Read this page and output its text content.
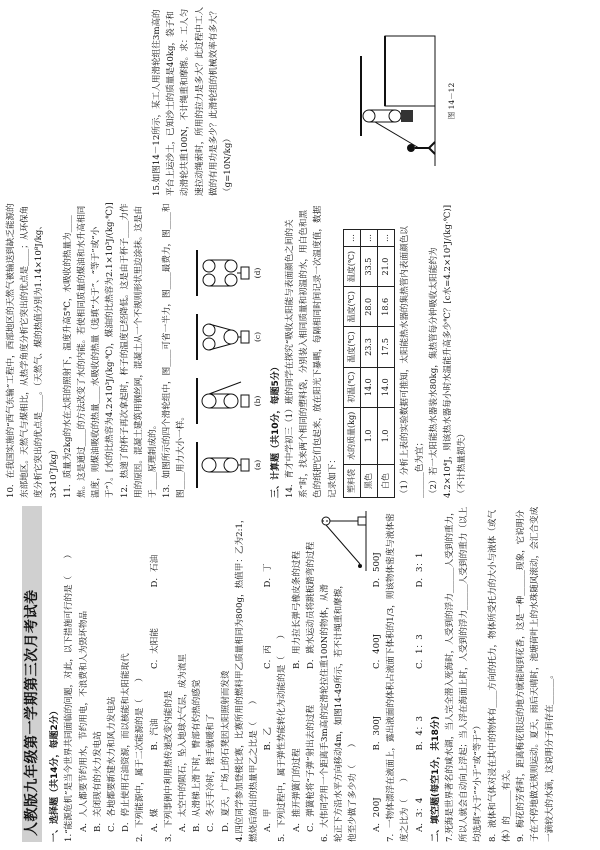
人教版九年级第一学期第三次月考试卷 一、选择题（共14分，每题2分） 1.“能源危机”是当今世界共同面临的问题，对此，以下措施可行的是（　　） A．人人都要节约用水，节约用电，不浪费和人为毁坏物品 B．关闭现有的火力发电站 C．各地都要新建水力和风力发电站 D．停止使用石油资源，而以核能和太阳能取代 2．下列能源中，属于二次能源的是（　　） A．煤
B．汽油
C．太阳能
D．石油

3．下列事例中利用热传递改变内能的是 A．太空中的陨石，坠入地球大气层，成为流星 B．从滑梯上滑下时，臀部有灼热的感觉 C．冬天手冷时，搓手就暖和了 D．夏天，广场上的石凳因太阳照射而发烫 4.四位同学参加登楼比赛，比赛所用的燃料甲乙质量相同为800g，热值甲：乙为2:1，燃烧后放出的热量甲乙之比是（　　） A．甲
B．乙
C．丙
D．丁

5．下列过程中，属于弹性势能转化为动能的是（　　） A．推开弹簧门的过程
B．用力拉长弹弓橡皮条的过程
C．弹簧枪将“子弹”射出去的过程
D．跳水运动员将跳板踏弯的过程 6．大伟同学用一个距离手3m高的定滑轮拉住重100N的物体，从滑轮正下方沿水平方向移动4m，如图14-49所示，若不计绳重和摩擦，他至少做了多少功（　　）	A．200J
B．300J
C．400J
D．500J 7．一物体漂浮在液面上，露出液面的体积占液面下体积的1/3，则该物体密度与液体密度之比为（　　） A．3：4
B．4：3
C．1：3
D．3：1
二、填空题(每空1分，共18分) 7.死海是世界著名的咸水湖，当人完全潜入死海时，人受到的浮力______人受到的重力，所以人就会自动向上浮起；当人浮在海面上时，人受到的浮力______人受到的重力（以上均选填“大于”“小于”或“等于”） 8．液体和气体对浸在其中的物体有____方向的托力，物体所受托力的大小与液体（或气体）的______有关。 9．梅花的芳香时，距离梅花很远的地方就能闻到花香，这是一种______现象，它说明分子在不停地做无规则运动。夏天，雨后天晴时，池塘荷叶上的水珠随风滚动，会汇合变成一滴较大的水滴，这说明分子间存在______。

10．在我国实施的“西气东输”工程中，西部地区的天然气被输送到缺乏能源的东部地区。天然气与煤相比，从热学角度分析它突出的优点是____；从环保角度分析它突出的优点是____。（天然气、煤的热值分别为1.14×10⁸J/kg、3×10⁷J/kg） 11．质量为2kg的水在太阳的照射下，温度升高5℃，水吸收的热量为____焦。这是通过____的方法改变了水的内能。若使相同质量的煤油和水升高相同温度，则煤油吸收的热量____水吸收的热量（选填“大于”、“等于”或“小于”）。[水的比热容为4.2×10³J/(kg·℃)，煤油的比热容为2.1×10³J/(kg·℃)] 12．热递了的杯子再次拿起时，杯子的温度已经降低。这是由于杯子____力作用的原因。混凝土建筑用钢丝网，混凝土从一个不规则形状里边涂抹。这是由于____原理制成的。 13．如图所示的四个滑轮组中，图____可省一半力，图____最费力，图____和图____用力大小一样。	(a)
(b)
(c)
(d)
三、计算题（共10分，每题5分） 14．育才中学初三（1）班的同学在探究“吸收太阳能与表面颜色之间的关系”时，找来两个相同的塑料袋，分别装入相同质量和初温的水，用白色和黑色的纸把它们包起来，放在阳光下暴晒，每隔相同时间记录一次温度值，数据记录如下： 塑料袋	水的质量(kg)	初温(℃)	温度(℃)	温度(℃)	温度(℃)	…
黑色	1.0	14.0	23.3	28.0	33.5	…
白色	1.0	14.0	17.5	18.6	21.0	… （1）分析上表的实验数据可推知，太阳能热水器的集热管内表面颜色以______色为宜； （2）若一太阳能热水器装水80kg，集热管每分钟吸收太阳能约为4.2×10⁴J，则该热水器每小时水温能升高多少℃？[c水=4.2×10³J/(kg·℃)]（不计热量损失）

15.如图14－12所示，某工人用滑轮组往3m高的平台上运沙土，已知沙土的质量是40kg，袋子和动滑轮共重100N，不计绳重和摩擦。求：工人匀速拉动绳索时，所用的拉力是多大？此过程中工人做的有用功是多少？此滑轮组的机械效率有多大？（g=10N/kg）

图 14－12
